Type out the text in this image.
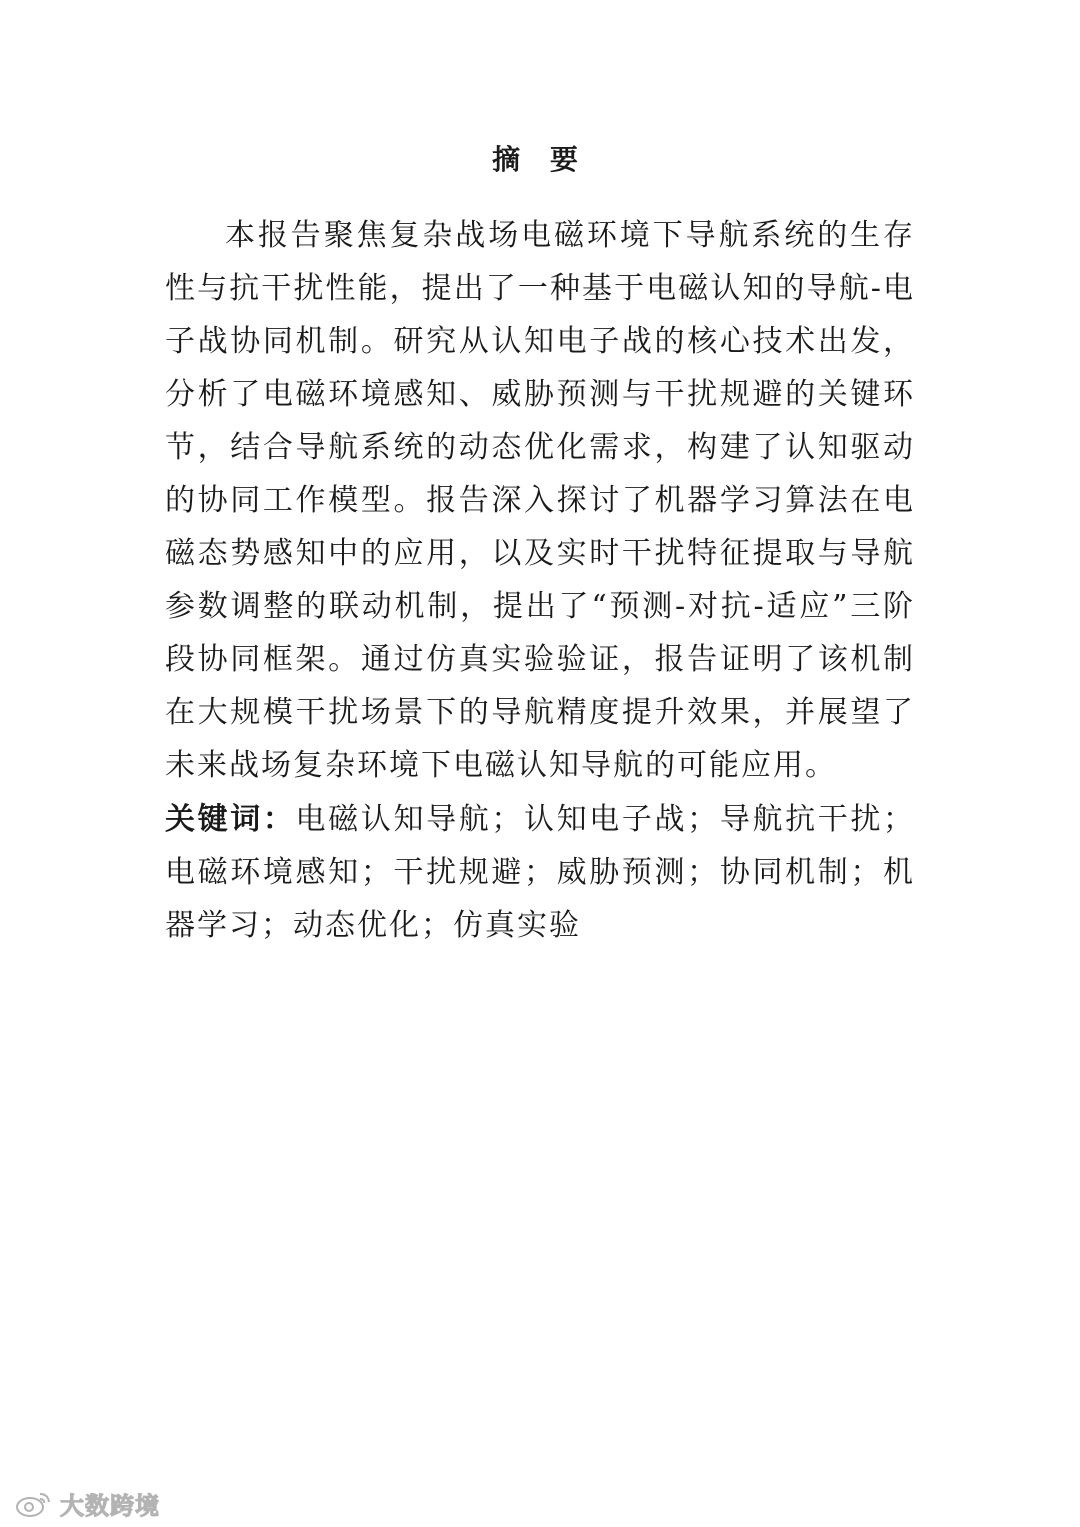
摘 要

本报告聚焦复杂战场电磁环境下导航系统的生存性与抗干扰性能，提出了一种基于电磁认知的导航-电子战协同机制。研究从认知电子战的核心技术出发，分析了电磁环境感知、威胁预测与干扰规避的关键环节，结合导航系统的动态优化需求，构建了认知驱动的协同工作模型。报告深入探讨了机器学习算法在电磁态势感知中的应用，以及实时干扰特征提取与导航参数调整的联动机制，提出了“预测-对抗-适应”三阶段协同框架。通过仿真实验验证，报告证明了该机制在大规模干扰场景下的导航精度提升效果，并展望了未来战场复杂环境下电磁认知导航的可能应用。

关键词：电磁认知导航；认知电子战；导航抗干扰；电磁环境感知；干扰规避；威胁预测；协同机制；机器学习；动态优化；仿真实验

大数跨境
